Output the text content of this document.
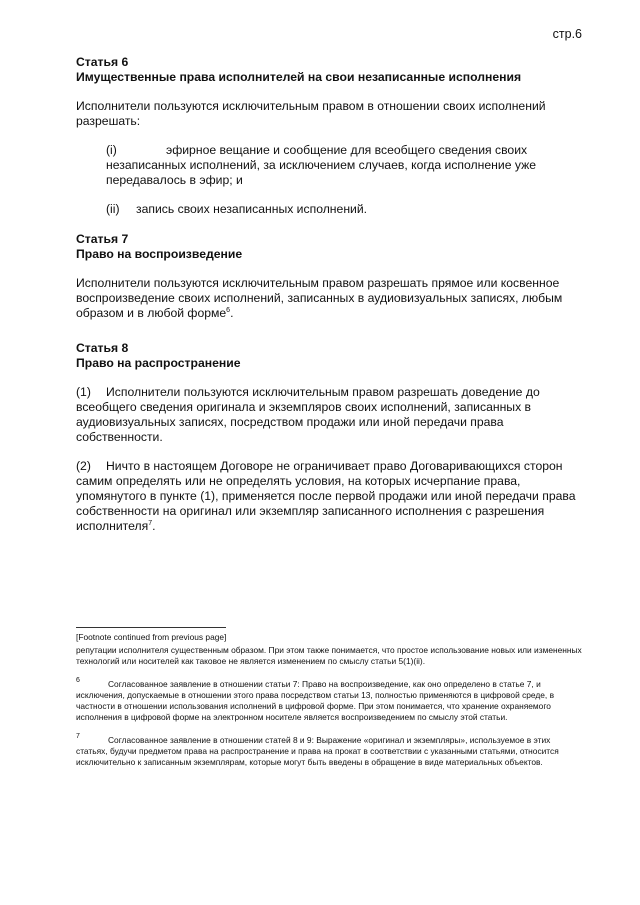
стр.6
Статья 6
Имущественные права исполнителей на свои незаписанные исполнения

Исполнители пользуются исключительным правом в отношении своих исполнений разрешать:

(i)	эфирное вещание и сообщение для всеобщего сведения своих незаписанных исполнений, за исключением случаев, когда исполнение уже передавалось в эфир; и
(ii)	запись своих незаписанных исполнений.
Статья 7
Право на воспроизведение

Исполнители пользуются исключительным правом разрешать прямое или косвенное воспроизведение своих исполнений, записанных в аудиовизуальных записях, любым образом и в любой форме$^6$.

Статья 8
Право на распространение

(1) Исполнители пользуются исключительным правом разрешать доведение до всеобщего сведения оригинала и экземпляров своих исполнений, записанных в аудиовизуальных записях, посредством продажи или иной передачи права собственности.

(2) Ничто в настоящем Договоре не ограничивает право Договаривающихся сторон самим определять или не определять условия, на которых исчерпание права, упомянутого в пункте (1), применяется после первой продажи или иной передачи права собственности на оригинал или экземпляр записанного исполнения с разрешения исполнителя$^7$.

[Footnote continued from previous page]
репутации исполнителя существенным образом. При этом также понимается, что простое использование новых или измененных технологий или носителей как таковое не является изменением по смыслу статьи 5(1)(ii).
6	Согласованное заявление в отношении статьи 7: Право на воспроизведение, как оно определено в статье 7, и исключения, допускаемые в отношении этого права посредством статьи 13, полностью применяются в цифровой среде, в частности в отношении использования исполнений в цифровой форме. При этом понимается, что хранение охраняемого исполнения в цифровой форме на электронном носителе является воспроизведением по смыслу этой статьи.
7	Согласованное заявление в отношении статей 8 и 9: Выражение «оригинал и экземпляры», используемое в этих статьях, будучи предметом права на распространение и права на прокат в соответствии с указанными статьями, относится исключительно к записанным экземплярам, которые могут быть введены в обращение в виде материальных объектов.
